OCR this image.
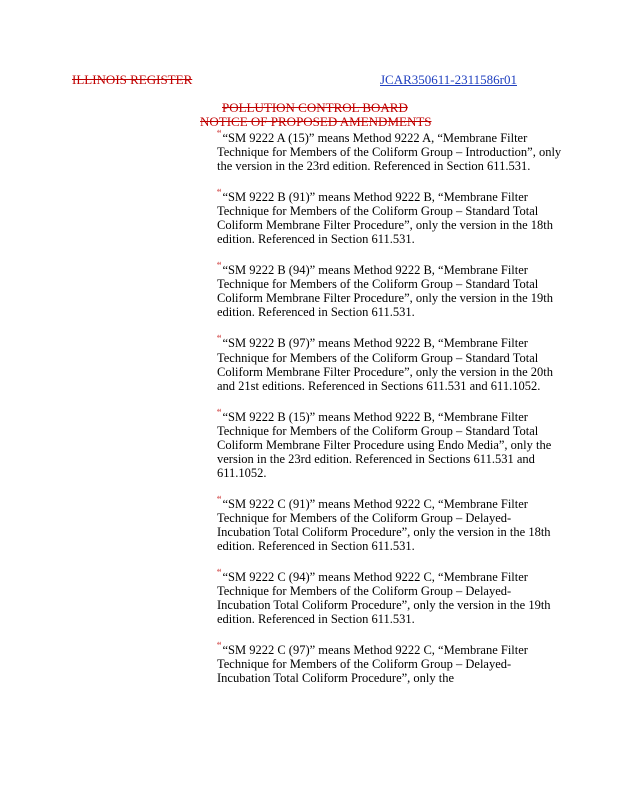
ILLINOIS REGISTER	JCAR350611-2311586r01
POLLUTION CONTROL BOARD
NOTICE OF PROPOSED AMENDMENTS

““SM 9222 A (15)” means Method 9222 A, “Membrane Filter Technique for Members of the Coliform Group – Introduction”, only the version in the 23rd edition. Referenced in Section 611.531.

““SM 9222 B (91)” means Method 9222 B, “Membrane Filter Technique for Members of the Coliform Group – Standard Total Coliform Membrane Filter Procedure”, only the version in the 18th edition. Referenced in Section 611.531.

““SM 9222 B (94)” means Method 9222 B, “Membrane Filter Technique for Members of the Coliform Group – Standard Total Coliform Membrane Filter Procedure”, only the version in the 19th edition. Referenced in Section 611.531.

““SM 9222 B (97)” means Method 9222 B, “Membrane Filter Technique for Members of the Coliform Group – Standard Total Coliform Membrane Filter Procedure”, only the version in the 20th and 21st editions. Referenced in Sections 611.531 and 611.1052.

““SM 9222 B (15)” means Method 9222 B, “Membrane Filter Technique for Members of the Coliform Group – Standard Total Coliform Membrane Filter Procedure using Endo Media”, only the version in the 23rd edition. Referenced in Sections 611.531 and 611.1052.

““SM 9222 C (91)” means Method 9222 C, “Membrane Filter Technique for Members of the Coliform Group – Delayed-Incubation Total Coliform Procedure”, only the version in the 18th edition. Referenced in Section 611.531.

““SM 9222 C (94)” means Method 9222 C, “Membrane Filter Technique for Members of the Coliform Group – Delayed-Incubation Total Coliform Procedure”, only the version in the 19th edition. Referenced in Section 611.531.

““SM 9222 C (97)” means Method 9222 C, “Membrane Filter Technique for Members of the Coliform Group – Delayed-Incubation Total Coliform Procedure”, only the
